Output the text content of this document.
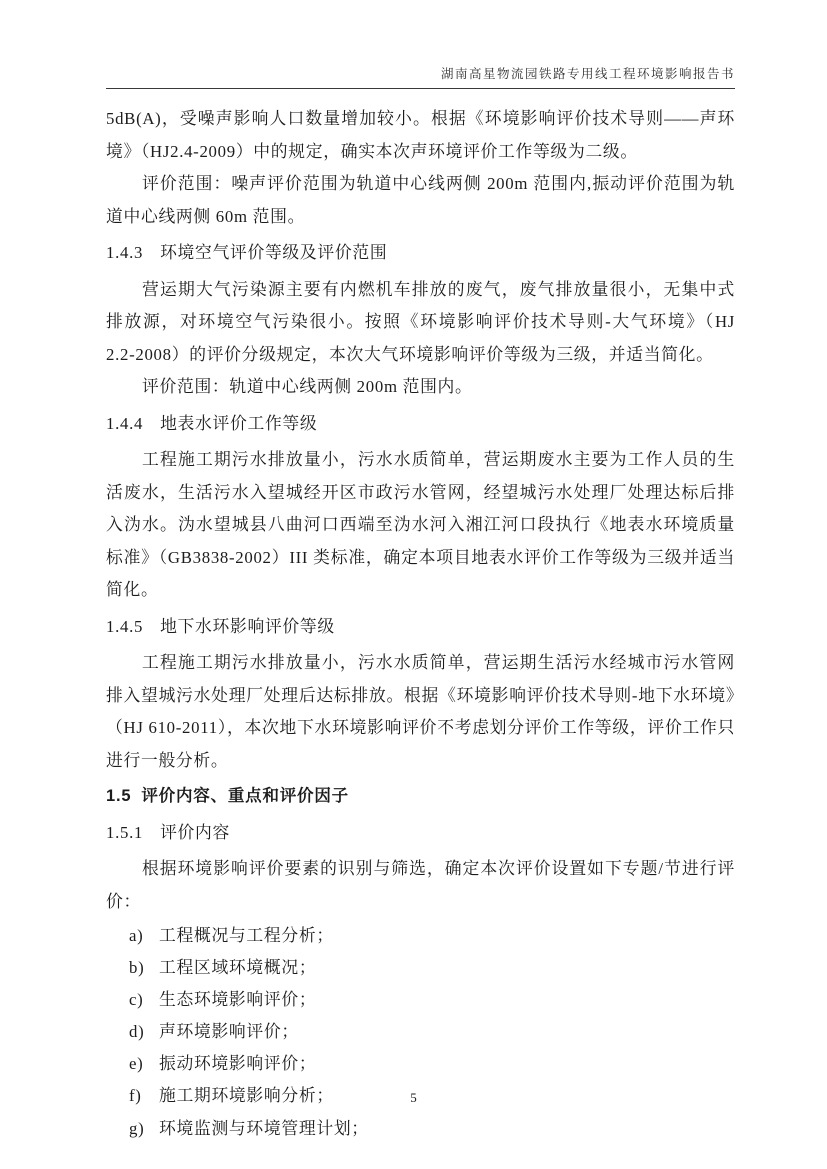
湖南高星物流园铁路专用线工程环境影响报告书

5dB(A)，受噪声影响人口数量增加较小。根据《环境影响评价技术导则——声环境》（HJ2.4-2009）中的规定，确实本次声环境评价工作等级为二级。

评价范围：噪声评价范围为轨道中心线两侧 200m 范围内,振动评价范围为轨道中心线两侧 60m 范围。

1.4.3 环境空气评价等级及评价范围

营运期大气污染源主要有内燃机车排放的废气，废气排放量很小，无集中式排放源，对环境空气污染很小。按照《环境影响评价技术导则-大气环境》（HJ 2.2-2008）的评价分级规定，本次大气环境影响评价等级为三级，并适当简化。

评价范围：轨道中心线两侧 200m 范围内。

1.4.4 地表水评价工作等级

工程施工期污水排放量小，污水水质简单，营运期废水主要为工作人员的生活废水，生活污水入望城经开区市政污水管网，经望城污水处理厂处理达标后排入沩水。沩水望城县八曲河口西端至沩水河入湘江河口段执行《地表水环境质量标准》（GB3838-2002）III 类标准，确定本项目地表水评价工作等级为三级并适当简化。

1.4.5 地下水环影响评价等级

工程施工期污水排放量小，污水水质简单，营运期生活污水经城市污水管网排入望城污水处理厂处理后达标排放。根据《环境影响评价技术导则-地下水环境》（HJ 610-2011），本次地下水环境影响评价不考虑划分评价工作等级，评价工作只进行一般分析。

1.5 评价内容、重点和评价因子
1.5.1 评价内容

根据环境影响评价要素的识别与筛选，确定本次评价设置如下专题/节进行评价：

a) 工程概况与工程分析；
b) 工程区域环境概况；
c) 生态环境影响评价；
d) 声环境影响评价；
e) 振动环境影响评价；
f) 施工期环境影响分析；
g) 环境监测与环境管理计划；
5
